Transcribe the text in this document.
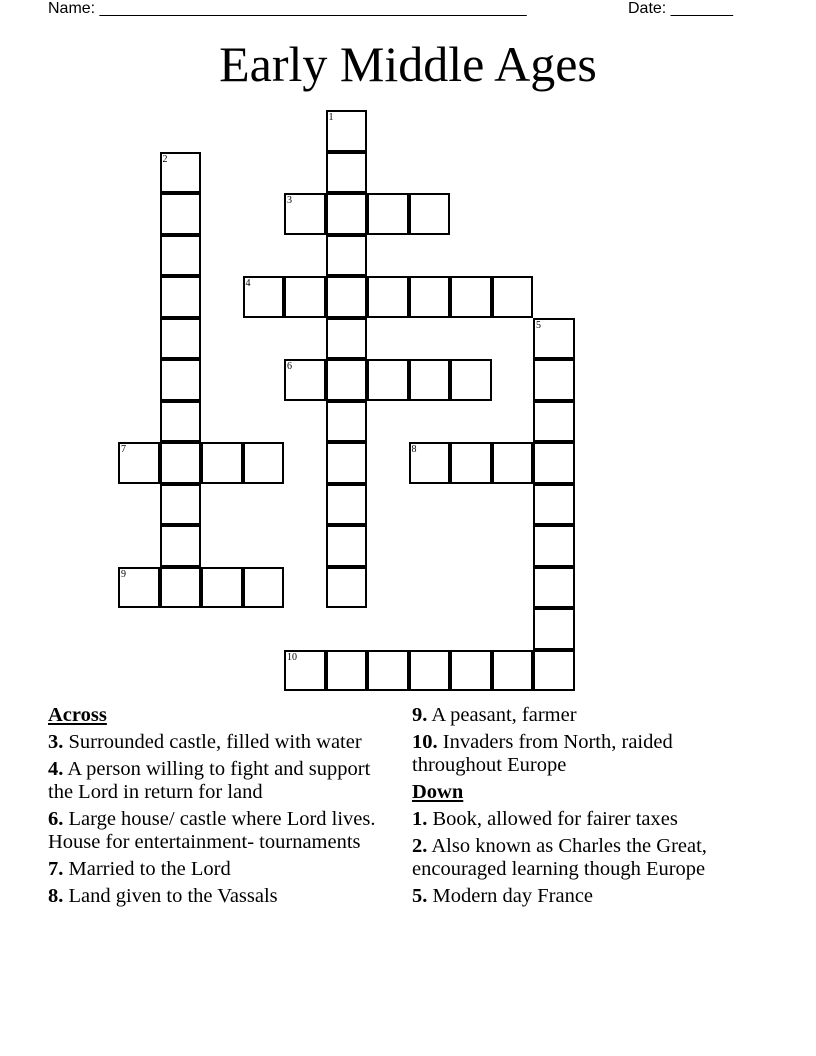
Name: ________________________________________________	Date: _______
Early Middle Ages
1
2
3
4
5
6
7	8
9
10
Across
3. Surrounded castle, filled with water
4. A person willing to fight and support the Lord in return for land
6. Large house/ castle where Lord lives. House for entertainment- tournaments
7. Married to the Lord
8. Land given to the Vassals
9. A peasant, farmer
10. Invaders from North, raided throughout Europe
Down
1. Book, allowed for fairer taxes
2. Also known as Charles the Great, encouraged learning though Europe
5. Modern day France
